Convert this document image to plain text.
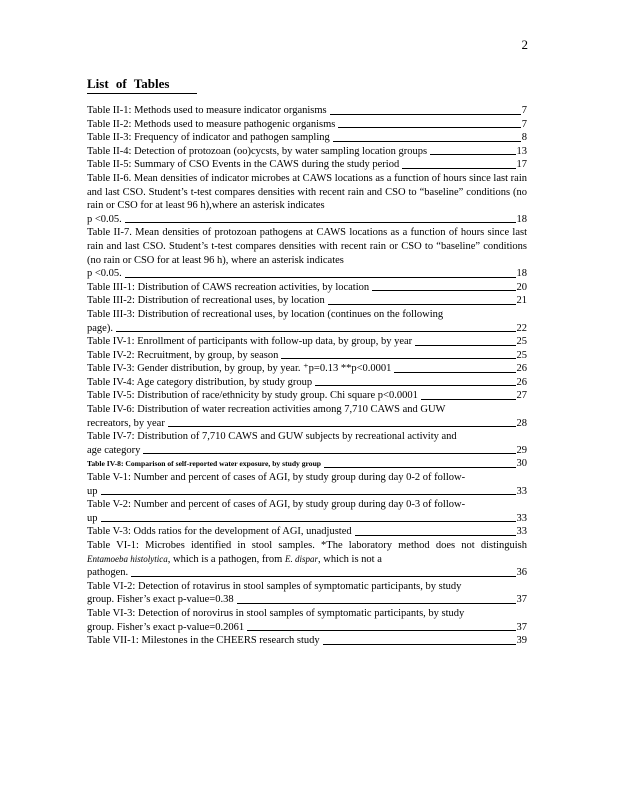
2
List of Tables
Table II-1: Methods used to measure indicator organisms	7
Table II-2: Methods used to measure pathogenic organisms	7
Table II-3: Frequency of indicator and pathogen sampling	8
Table II-4: Detection of protozoan (oo)cycsts, by water sampling location groups	13
Table II-5: Summary of CSO Events in the CAWS during the study period	17
Table II-6. Mean densities of indicator microbes at CAWS locations as a function of hours since last rain and last CSO. Student’s t-test compares densities with recent rain and CSO to “baseline” conditions (no rain or CSO for at least 96 h),where an asterisk indicates
p <0.05.	18
Table II-7. Mean densities of protozoan pathogens at CAWS locations as a function of hours since last rain and last CSO. Student’s t-test compares densities with recent rain or CSO to “baseline” conditions (no rain or CSO for at least 96 h), where an asterisk indicates
p <0.05.	18
Table III-1: Distribution of CAWS recreation activities, by location	20
Table III-2: Distribution of recreational uses, by location	21
Table III-3: Distribution of recreational uses, by location (continues on the following
page).	22
Table IV-1: Enrollment of participants with follow-up data, by group, by year	25
Table IV-2: Recruitment, by group, by season	25
Table IV-3: Gender distribution, by group, by year. ⁺p=0.13 **p<0.0001	26
Table IV-4: Age category distribution, by study group	26
Table IV-5: Distribution of race/ethnicity by study group. Chi square p<0.0001	27
Table IV-6: Distribution of water recreation activities among 7,710 CAWS and GUW
recreators, by year	28
Table IV-7: Distribution of 7,710 CAWS and GUW subjects by recreational activity and
age category	29
Table IV-8: Comparison of self-reported water exposure, by study group	30
Table V-1: Number and percent of cases of AGI, by study group during day 0-2 of follow-
up	33
Table V-2: Number and percent of cases of AGI, by study group during day 0-3 of follow-
up	33
Table V-3: Odds ratios for the development of AGI, unadjusted	33
Table VI-1: Microbes identified in stool samples. *The laboratory method does not distinguish Entamoeba histolytica, which is a pathogen, from E. dispar, which is not a
pathogen.	36
Table VI-2: Detection of rotavirus in stool samples of symptomatic participants, by study
group. Fisher’s exact p-value=0.38	37
Table VI-3: Detection of norovirus in stool samples of symptomatic participants, by study
group. Fisher’s exact p-value=0.2061	37
Table VII-1: Milestones in the CHEERS research study	39
